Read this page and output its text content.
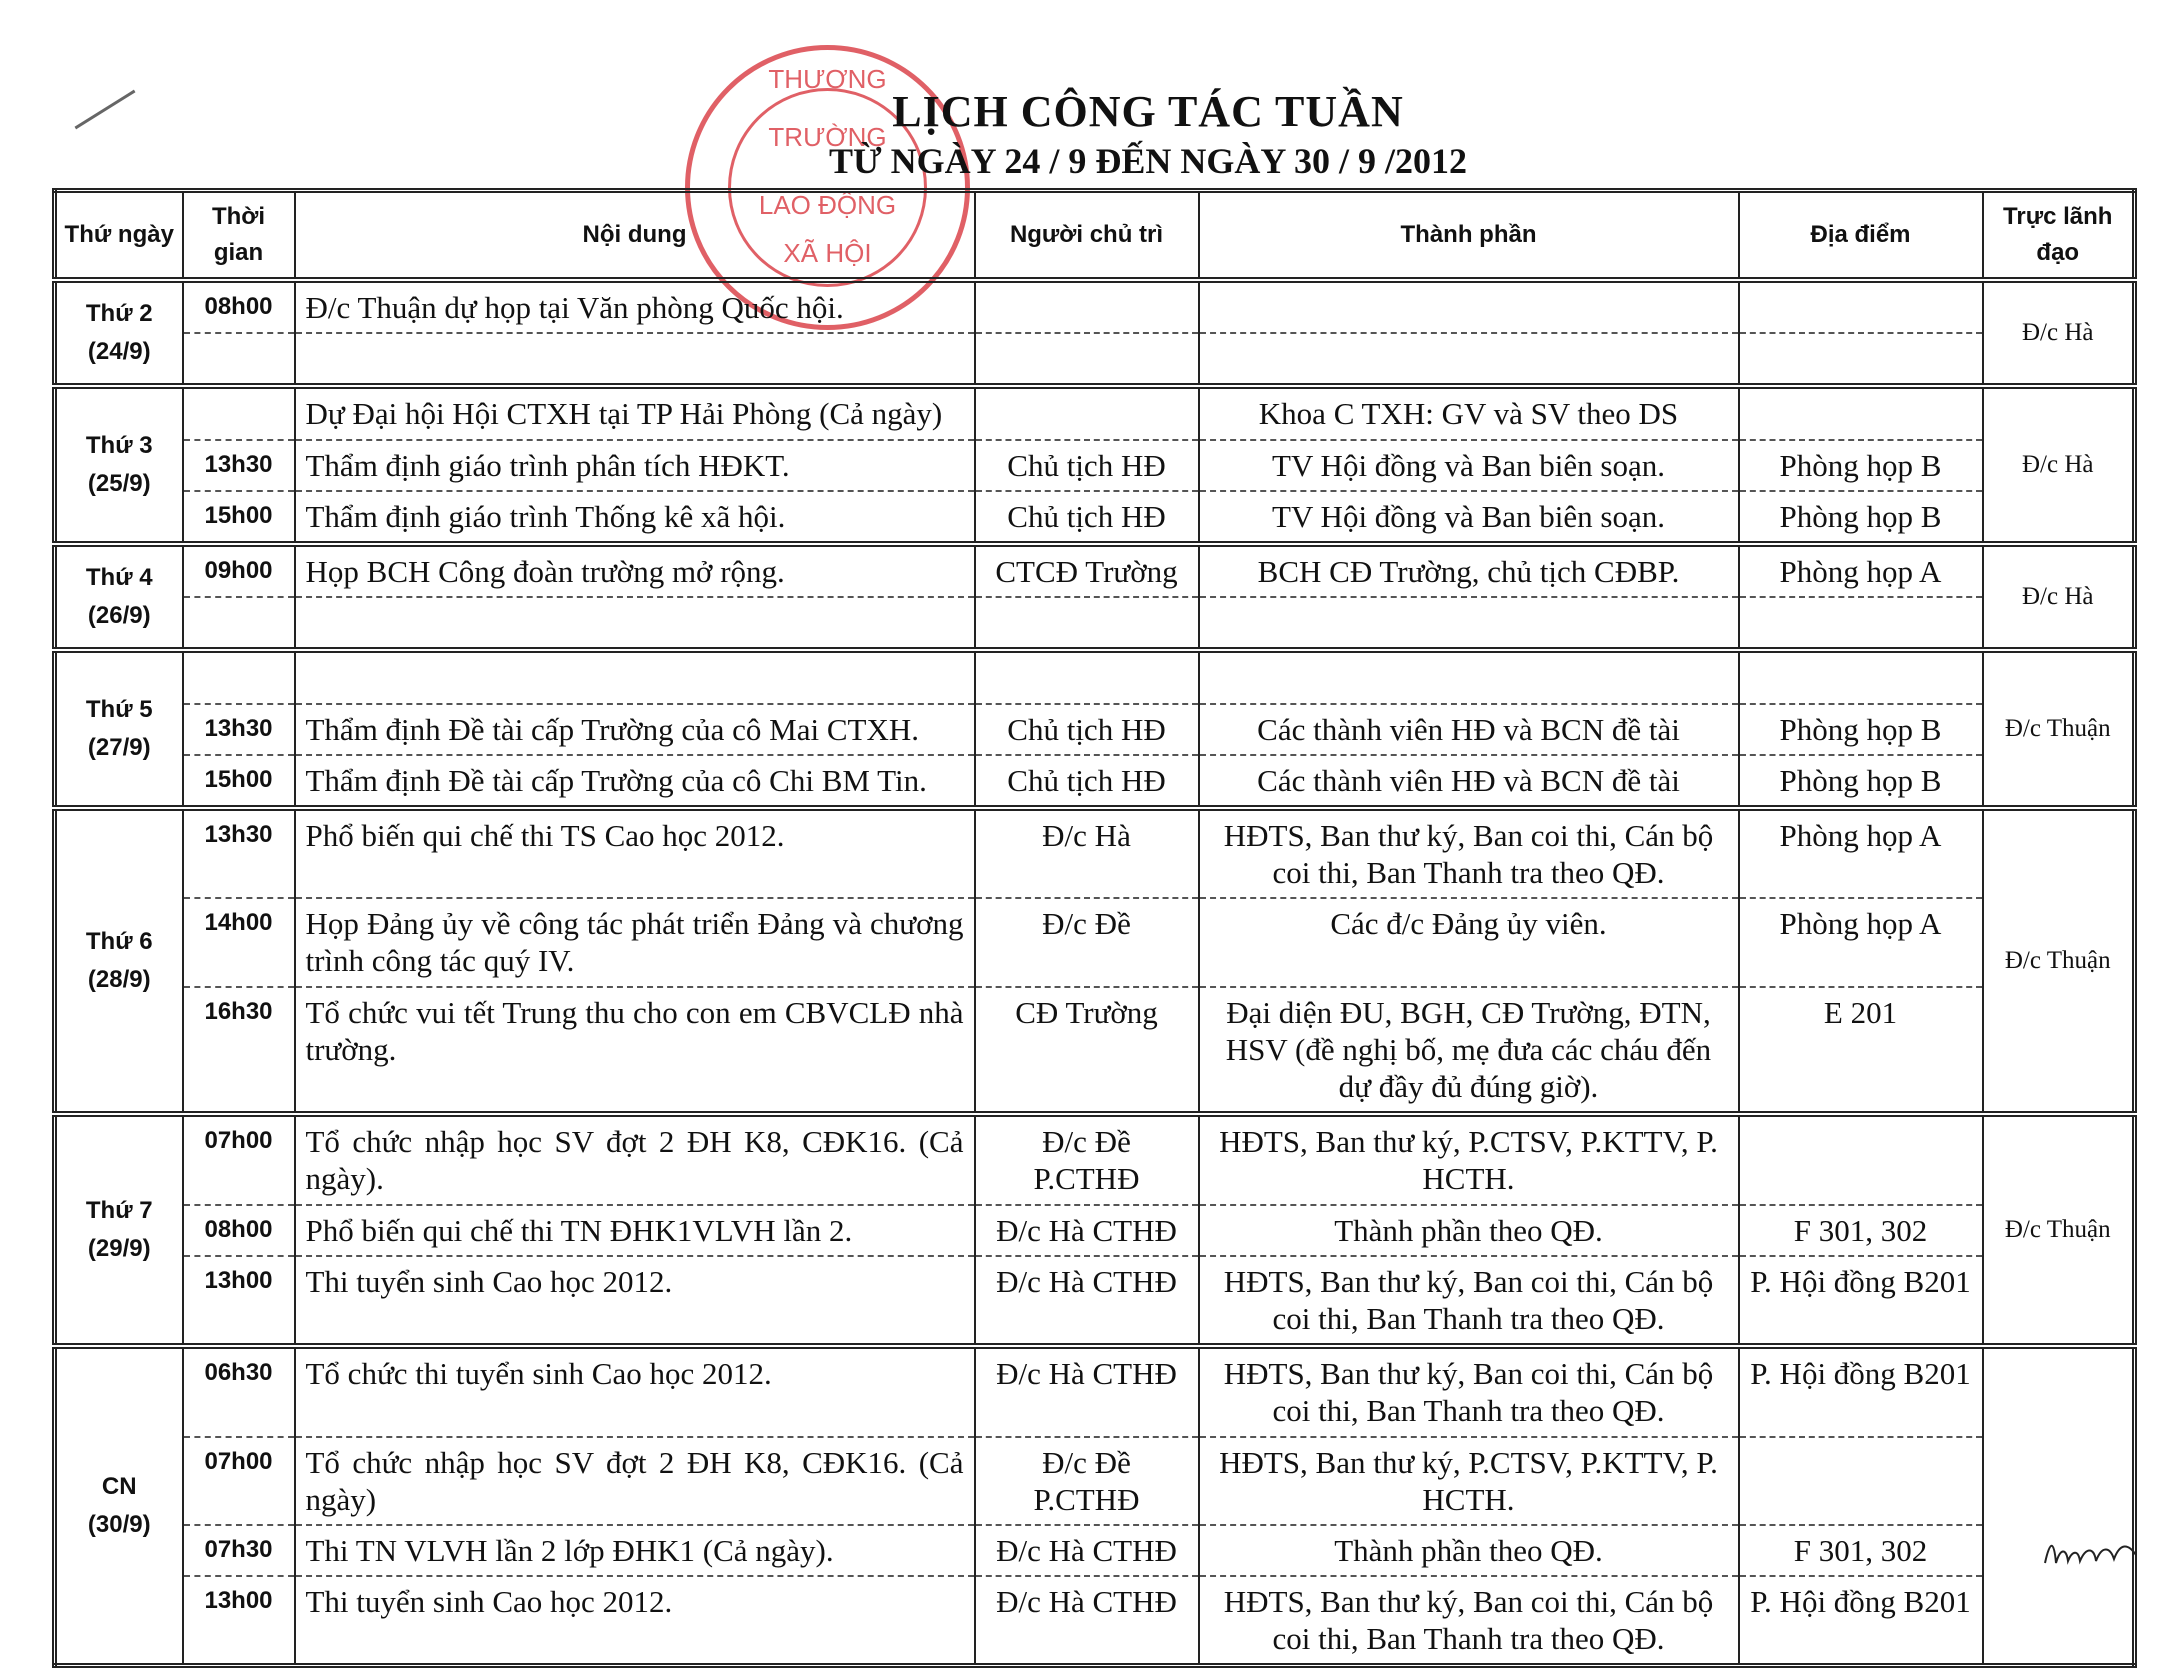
THƯƠNG
TRƯỜNG
LAO ĐỘNG
XÃ HỘI
LỊCH CÔNG TÁC TUẦN
TỪ NGÀY 24 / 9 ĐẾN NGÀY 30 / 9 /2012
Thứ ngày	Thời gian	Nội dung	Người chủ trì	Thành phần	Địa điểm	Trực lãnh đạo

Thứ 2
(24/9)	08h00	Đ/c Thuận dự họp tại Văn phòng Quốc hội.				Đ/c Hà

Thứ 3
(25/9)		Dự Đại hội Hội CTXH tại TP Hải Phòng (Cả ngày)		Khoa C TXH: GV và SV theo DS		Đ/c Hà
	13h30	Thẩm định giáo trình phân tích HĐKT.	Chủ tịch HĐ	TV Hội đồng và Ban biên soạn.	Phòng họp B	
	15h00	Thẩm định giáo trình Thống kê xã hội.	Chủ tịch HĐ	TV Hội đồng và Ban biên soạn.	Phòng họp B	

Thứ 4
(26/9)	09h00	Họp BCH Công đoàn trường mở rộng.	CTCĐ Trường	BCH CĐ Trường, chủ tịch CĐBP.	Phòng họp A	Đ/c Hà

Thứ 5
(27/9)						Đ/c Thuận
	13h30	Thẩm định Đề tài cấp Trường của cô Mai CTXH.	Chủ tịch HĐ	Các thành viên HĐ và BCN đề tài	Phòng họp B	
	15h00	Thẩm định Đề tài cấp Trường của cô Chi BM Tin.	Chủ tịch HĐ	Các thành viên HĐ và BCN đề tài	Phòng họp B	

Thứ 6
(28/9)	13h30	Phổ biến qui chế thi TS Cao học 2012.	Đ/c Hà	HĐTS, Ban thư ký, Ban coi thi, Cán bộ coi thi, Ban Thanh tra theo QĐ.	Phòng họp A	Đ/c Thuận
	14h00	Họp Đảng ủy về công tác phát triển Đảng và chương trình công tác quý IV.	Đ/c Đề	Các đ/c Đảng ủy viên.	Phòng họp A	
	16h30	Tổ chức vui tết Trung thu cho con em CBVCLĐ nhà trường.	CĐ Trường	Đại diện ĐU, BGH, CĐ Trường, ĐTN, HSV (đề nghị bố, mẹ đưa các cháu đến dự đầy đủ đúng giờ).	E 201	

Thứ 7
(29/9)	07h00	Tổ chức nhập học SV đợt 2 ĐH K8, CĐK16. (Cả ngày).	Đ/c Đề P.CTHĐ	HĐTS, Ban thư ký, P.CTSV, P.KTTV, P. HCTH.		Đ/c Thuận
	08h00	Phổ biến qui chế thi TN ĐHK1VLVH lần 2.	Đ/c Hà CTHĐ	Thành phần theo QĐ.	F 301, 302	
	13h00	Thi tuyển sinh Cao học 2012.	Đ/c Hà CTHĐ	HĐTS, Ban thư ký, Ban coi thi, Cán bộ coi thi, Ban Thanh tra theo QĐ.	P. Hội đồng B201	

CN
(30/9)	06h30	Tổ chức thi tuyển sinh Cao học 2012.	Đ/c Hà CTHĐ	HĐTS, Ban thư ký, Ban coi thi, Cán bộ coi thi, Ban Thanh tra theo QĐ.	P. Hội đồng B201	
	07h00	Tổ chức nhập học SV đợt 2 ĐH K8, CĐK16. (Cả ngày)	Đ/c Đề P.CTHĐ	HĐTS, Ban thư ký, P.CTSV, P.KTTV, P. HCTH.		
	07h30	Thi TN VLVH lần 2 lớp ĐHK1 (Cả ngày).	Đ/c Hà CTHĐ	Thành phần theo QĐ.	F 301, 302	
	13h00	Thi tuyển sinh Cao học 2012.	Đ/c Hà CTHĐ	HĐTS, Ban thư ký, Ban coi thi, Cán bộ coi thi, Ban Thanh tra theo QĐ.	P. Hội đồng B201	
